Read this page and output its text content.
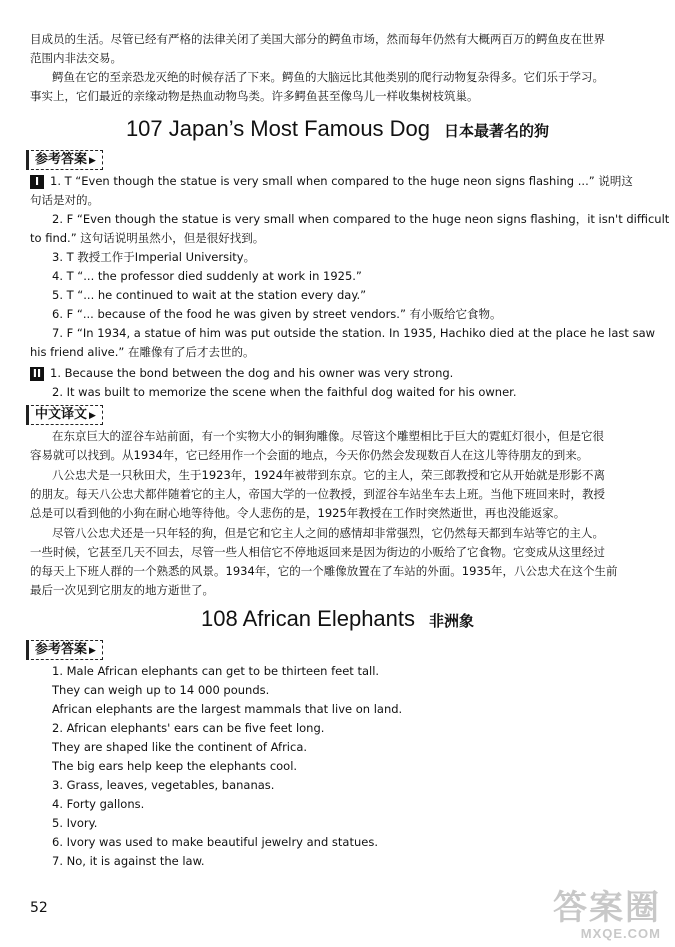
目成员的生活。尽管已经有严格的法律关闭了美国大部分的鳄鱼市场，然而每年仍然有大概两百万的鳄鱼皮在世界
范围内非法交易。
鳄鱼在它的至亲恐龙灭绝的时候存活了下来。鳄鱼的大脑远比其他类别的爬行动物复杂得多。它们乐于学习。
事实上，它们最近的亲缘动物是热血动物鸟类。许多鳄鱼甚至像鸟儿一样收集树枝筑巢。
107 Japan’s Most Famous Dog 日本最著名的狗
参考答案 ▶
I 1. T “Even though the statue is very small when compared to the huge neon signs flashing ...” 说明这
句话是对的。
2. F “Even though the statue is very small when compared to the huge neon signs flashing，it isn't difficult
to find.” 这句话说明虽然小，但是很好找到。
3. T 教授工作于Imperial University。
4. T “... the professor died suddenly at work in 1925.”
5. T “... he continued to wait at the station every day.”
6. F “... because of the food he was given by street vendors.” 有小贩给它食物。
7. F “In 1934, a statue of him was put outside the station. In 1935, Hachiko died at the place he last saw
his friend alive.” 在雕像有了后才去世的。
II 1. Because the bond between the dog and his owner was very strong.
2. It was built to memorize the scene when the faithful dog waited for his owner.
中文译文 ▶
在东京巨大的涩谷车站前面，有一个实物大小的铜狗雕像。尽管这个雕塑相比于巨大的霓虹灯很小，但是它很
容易就可以找到。从1934年，它已经用作一个会面的地点，今天你仍然会发现数百人在这儿等待朋友的到来。
八公忠犬是一只秋田犬，生于1923年，1924年被带到东京。它的主人，荣三郎教授和它从开始就是形影不离
的朋友。每天八公忠犬都伴随着它的主人，帝国大学的一位教授，到涩谷车站坐车去上班。当他下班回来时，教授
总是可以看到他的小狗在耐心地等待他。令人悲伤的是，1925年教授在工作时突然逝世，再也没能返家。
尽管八公忠犬还是一只年轻的狗，但是它和它主人之间的感情却非常强烈，它仍然每天都到车站等它的主人。
一些时候，它甚至几天不回去，尽管一些人相信它不停地返回来是因为街边的小贩给了它食物。它变成从这里经过
的每天上下班人群的一个熟悉的风景。1934年，它的一个雕像放置在了车站的外面。1935年，八公忠犬在这个生前
最后一次见到它朋友的地方逝世了。
108 African Elephants 非洲象
参考答案 ▶
1. Male African elephants can get to be thirteen feet tall.
They can weigh up to 14 000 pounds.
African elephants are the largest mammals that live on land.
2. African elephants' ears can be five feet long.
They are shaped like the continent of Africa.
The big ears help keep the elephants cool.
3. Grass, leaves, vegetables, bananas.
4. Forty gallons.
5. Ivory.
6. Ivory was used to make beautiful jewelry and statues.
7. No, it is against the law.
52	答案圈
MXQE.COM
